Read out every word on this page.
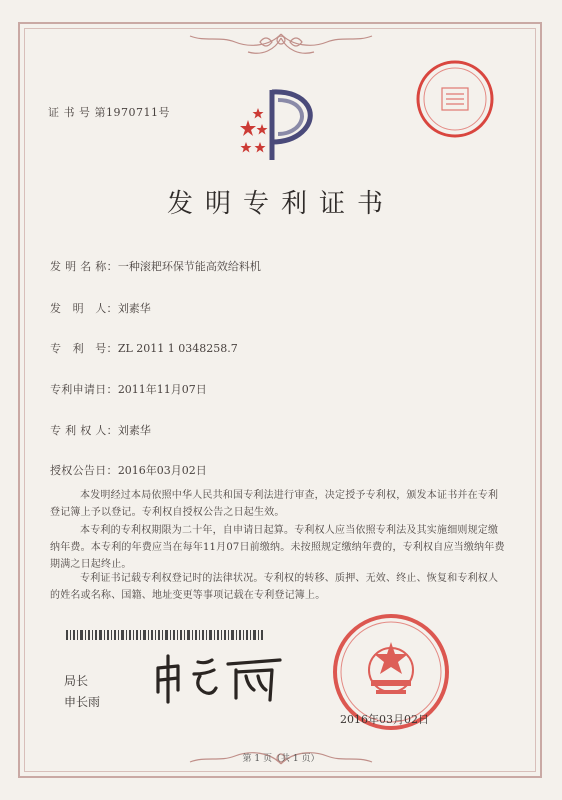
证 书 号 第1970711号
发明专利证书
发 明 名 称：一种滚耙环保节能高效给料机
发　明　人：刘素华
专　利　号：ZL 2011 1 0348258.7
专利申请日：2011年11月07日
专 利 权 人：刘素华
授权公告日：2016年03月02日
本发明经过本局依照中华人民共和国专利法进行审查，决定授予专利权，颁发本证书并在专利登记簿上予以登记。专利权自授权公告之日起生效。
本专利的专利权期限为二十年，自申请日起算。专利权人应当依照专利法及其实施细则规定缴纳年费。本专利的年费应当在每年11月07日前缴纳。未按照规定缴纳年费的，专利权自应当缴纳年费期满之日起终止。
专利证书记载专利权登记时的法律状况。专利权的转移、质押、无效、终止、恢复和专利权人的姓名或名称、国籍、地址变更等事项记载在专利登记簿上。
局长
申长雨
2016年03月02日
第 1 页（共 1 页）
